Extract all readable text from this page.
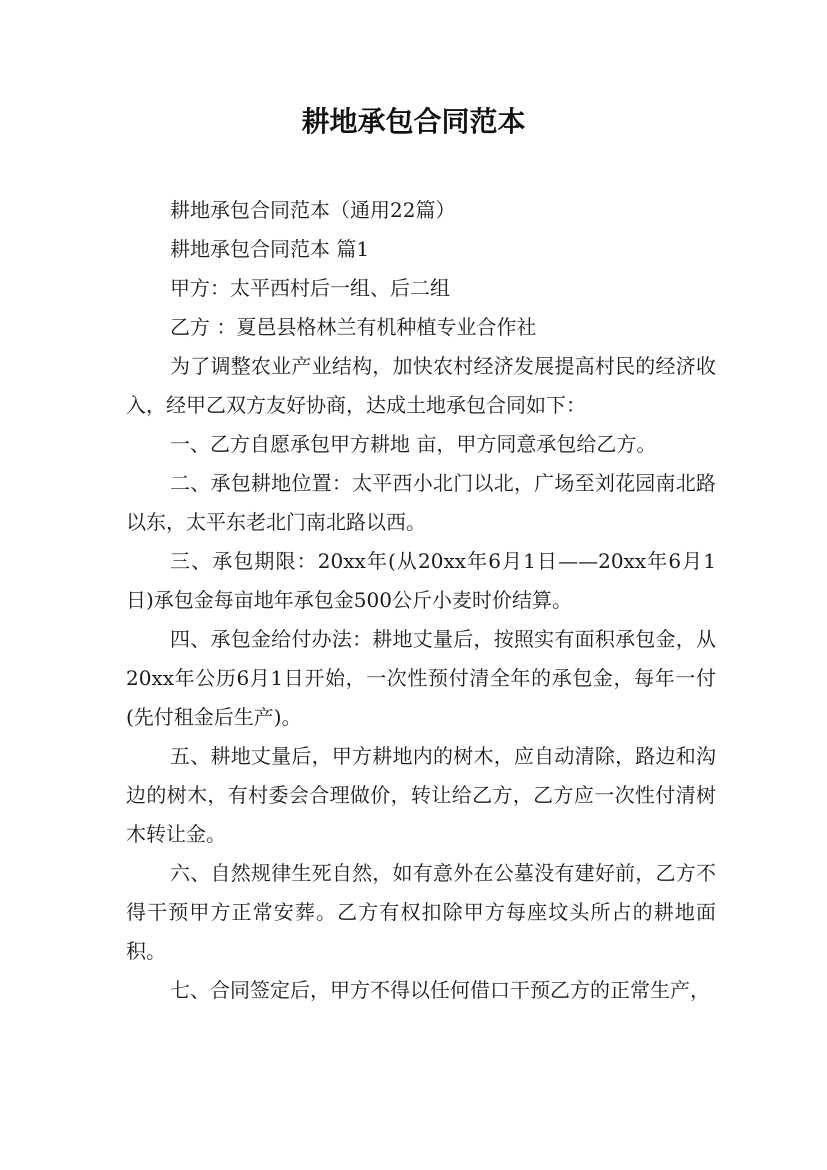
耕地承包合同范本

耕地承包合同范本（通用22篇）

耕地承包合同范本 篇1

甲方：太平西村后一组、后二组

乙方 ：夏邑县格林兰有机种植专业合作社

为了调整农业产业结构，加快农村经济发展提高村民的经济收入，经甲乙双方友好协商，达成土地承包合同如下：

一、乙方自愿承包甲方耕地 亩，甲方同意承包给乙方。

二、承包耕地位置：太平西小北门以北，广场至刘花园南北路以东，太平东老北门南北路以西。

三、承包期限：20xx年(从20xx年6月1日——20xx年6月1日)承包金每亩地年承包金500公斤小麦时价结算。

四、承包金给付办法：耕地丈量后，按照实有面积承包金，从20xx年公历6月1日开始，一次性预付清全年的承包金，每年一付(先付租金后生产)。

五、耕地丈量后，甲方耕地内的树木，应自动清除，路边和沟边的树木，有村委会合理做价，转让给乙方，乙方应一次性付清树木转让金。

六、自然规律生死自然，如有意外在公墓没有建好前，乙方不得干预甲方正常安葬。乙方有权扣除甲方每座坟头所占的耕地面积。

七、合同签定后，甲方不得以任何借口干预乙方的正常生产，
